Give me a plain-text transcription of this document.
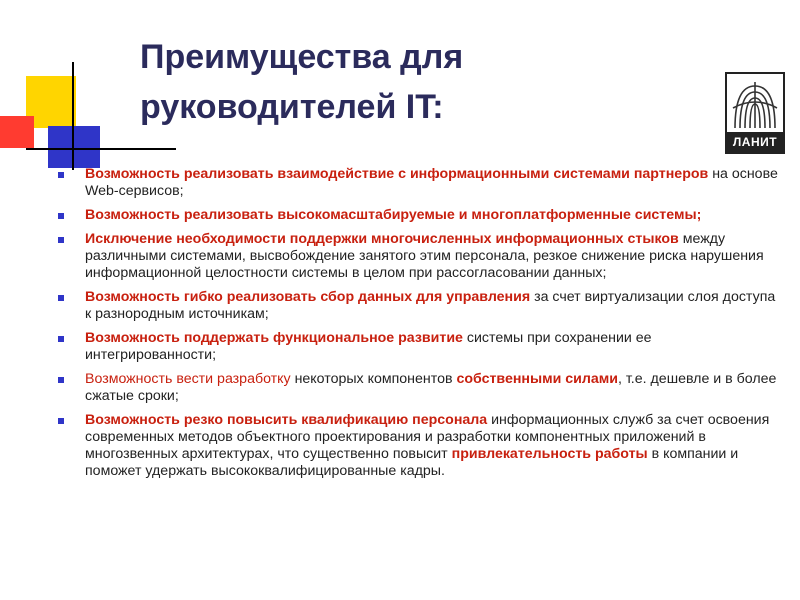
Преимущества для руководителей IT:
ЛАНИТ
Возможность реализовать взаимодействие с информационными системами партнеров на основе Web-сервисов;
Возможность реализовать высокомасштабируемые и многоплатформенные системы;
Исключение необходимости поддержки многочисленных информационных стыков между различными системами, высвобождение занятого этим персонала, резкое снижение риска нарушения информационной целостности системы в целом при рассогласовании данных;
Возможность гибко реализовать сбор данных для управления за счет виртуализации слоя доступа к разнородным источникам;
Возможность поддержать функциональное развитие системы при сохранении ее интегрированности;
Возможность вести разработку некоторых компонентов собственными силами, т.е. дешевле и в более сжатые сроки;
Возможность резко повысить квалификацию персонала информационных служб за счет освоения современных методов объектного проектирования и разработки компонентных приложений в многозвенных архитектурах, что существенно повысит привлекательность работы в компании и поможет удержать высококвалифицированные кадры.
